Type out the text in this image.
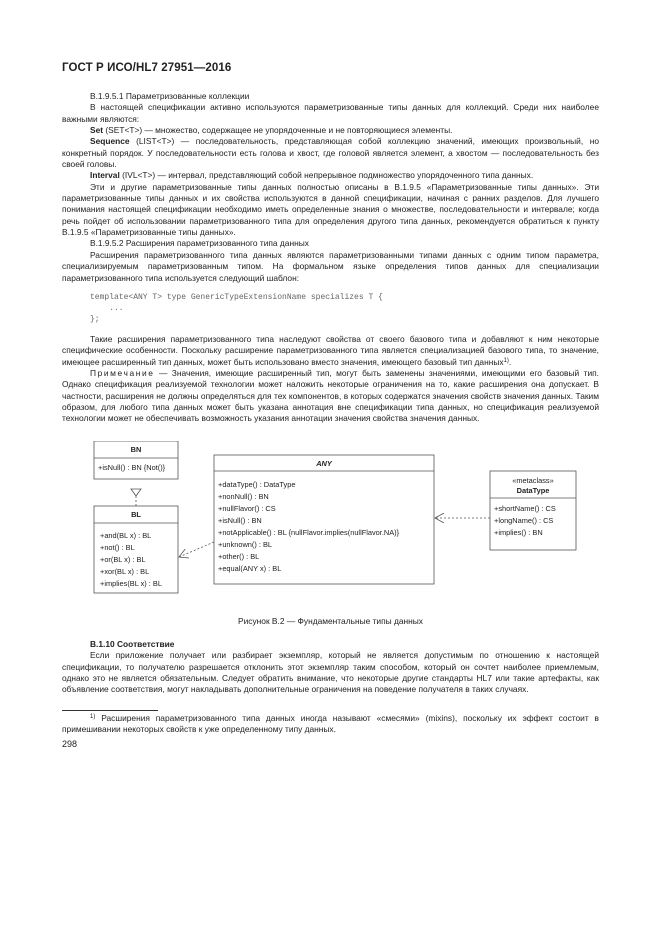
ГОСТ Р ИСО/HL7 27951—2016

В.1.9.5.1 Параметризованные коллекции

В настоящей спецификации активно используются параметризованные типы данных для коллекций. Среди них наиболее важными являются:

Set (SET<T>) — множество, содержащее не упорядоченные и не повторяющиеся элементы.

Sequence (LIST<T>) — последовательность, представляющая собой коллекцию значений, имеющих произвольный, но конкретный порядок. У последовательности есть голова и хвост, где головой является элемент, а хвостом — последовательность без своей головы.

Interval (IVL<T>) — интервал, представляющий собой непрерывное подмножество упорядоченного типа данных.

Эти и другие параметризованные типы данных полностью описаны в В.1.9.5 «Параметризованные типы данных». Эти параметризованные типы данных и их свойства используются в данной спецификации, начиная с ранних разделов. Для лучшего понимания настоящей спецификации необходимо иметь определенные знания о множестве, последовательности и интервале; когда речь пойдет об использовании параметризованного типа для определения другого типа данных, рекомендуется обратиться к пункту В.1.9.5 «Параметризованные типы данных».

В.1.9.5.2 Расширения параметризованного типа данных

Расширения параметризованного типа данных являются параметризованными типами данных с одним типом параметра, специализируемым параметризованным типом. На формальном языке определения типов данных для специализации параметризованного типа используется следующий шаблон:

template<ANY T> type GenericTypeExtensionName specializes T {
...
};

Такие расширения параметризованного типа наследуют свойства от своего базового типа и добавляют к ним некоторые специфические особенности. Поскольку расширение параметризованного типа является специализацией базового типа, то значение, имеющее расширенный тип данных, может быть использовано вместо значения, имеющего базовый тип данных$^{1)}$.

Примечание — Значения, имеющие расширенный тип, могут быть заменены значениями, имеющими его базовый тип. Однако спецификация реализуемой технологии может наложить некоторые ограничения на то, какие расширения она допускает. В частности, расширения не должны определяться для тех компонентов, в которых содержатся значения свойств значения данных. Таким образом, для любого типа данных может быть указана аннотация вне спецификации типа данных, но спецификация реализуемой технологии может не обеспечивать возможность указания аннотации значения свойства значения данных.

BN
+isNull() : BN {Not()}
BL
+and(BL x) : BL
+not() : BL
+or(BL x) : BL
+xor(BL x) : BL
+implies(BL x) : BL
ANY
+dataType() : DataType
+nonNull() : BN
+nullFlavor() : CS
+isNull() : BN
+notApplicable() : BL {nullFlavor.implies(nullFlavor.NA)}
+unknown() : BL
+other() : BL
+equal(ANY x) : BL
«metaclass»
DataType
+shortName() : CS
+longName() : CS
+implies() : BN

Рисунок В.2 — Фундаментальные типы данных

В.1.10 Соответствие

Если приложение получает или разбирает экземпляр, который не является допустимым по отношению к настоящей спецификации, то получателю разрешается отклонить этот экземпляр таким способом, который он сочтет наиболее приемлемым, однако это не является обязательным. Следует обратить внимание, что некоторые другие стандарты HL7 или такие артефакты, как объявление соответствия, могут накладывать дополнительные ограничения на поведение получателя в таких случаях.

$^{1)}$ Расширения параметризованного типа данных иногда называют «смесями» (mixins), поскольку их эффект состоит в примешивании некоторых свойств к уже определенному типу данных.

298
